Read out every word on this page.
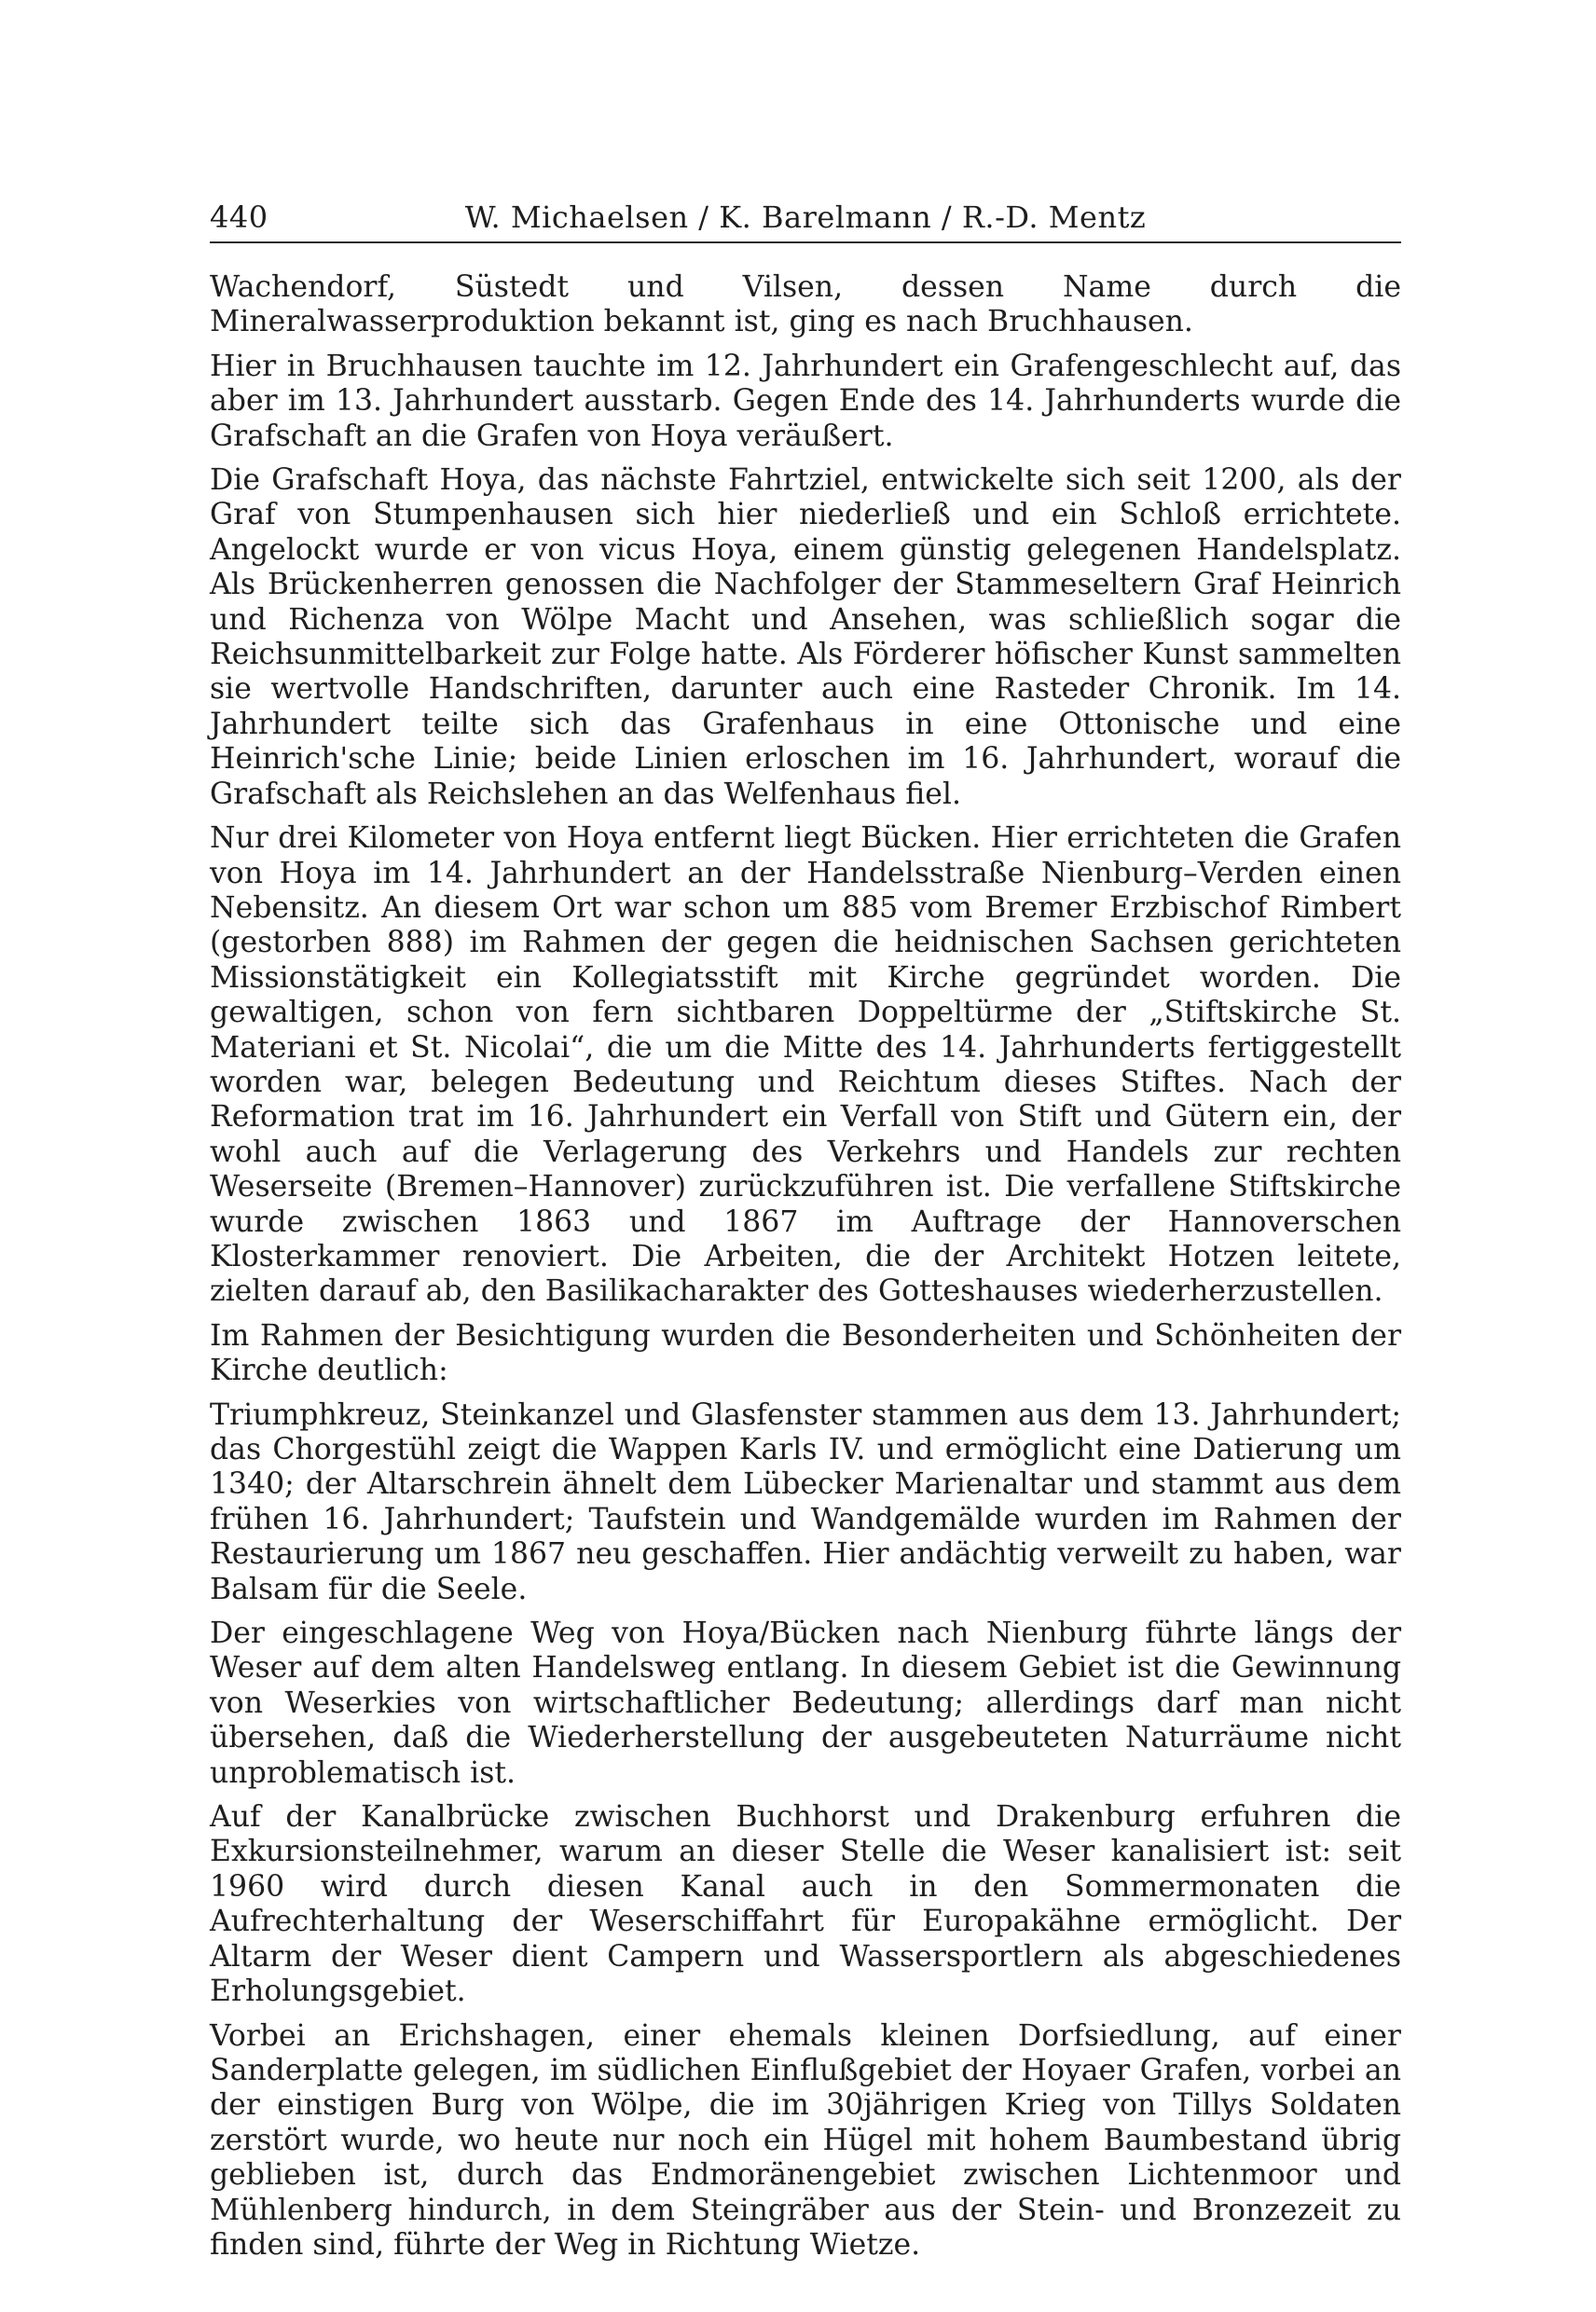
440	W. Michaelsen / K. Barelmann / R.-D. Mentz

Wachendorf, Süstedt und Vilsen, dessen Name durch die Mineralwasserproduktion bekannt ist, ging es nach Bruchhausen.

Hier in Bruchhausen tauchte im 12. Jahrhundert ein Grafengeschlecht auf, das aber im 13. Jahrhundert ausstarb. Gegen Ende des 14. Jahrhunderts wurde die Grafschaft an die Grafen von Hoya veräußert.

Die Grafschaft Hoya, das nächste Fahrtziel, entwickelte sich seit 1200, als der Graf von Stumpenhausen sich hier niederließ und ein Schloß errichtete. Angelockt wurde er von vicus Hoya, einem günstig gelegenen Handelsplatz. Als Brückenherren genossen die Nachfolger der Stammeseltern Graf Heinrich und Richenza von Wölpe Macht und Ansehen, was schließlich sogar die Reichsunmittelbarkeit zur Folge hatte. Als Förderer höfischer Kunst sammelten sie wertvolle Handschriften, darunter auch eine Rasteder Chronik. Im 14. Jahrhundert teilte sich das Grafenhaus in eine Ottonische und eine Heinrich'sche Linie; beide Linien erloschen im 16. Jahrhundert, worauf die Grafschaft als Reichslehen an das Welfenhaus fiel.

Nur drei Kilometer von Hoya entfernt liegt Bücken. Hier errichteten die Grafen von Hoya im 14. Jahrhundert an der Handelsstraße Nienburg–Verden einen Nebensitz. An diesem Ort war schon um 885 vom Bremer Erzbischof Rimbert (gestorben 888) im Rahmen der gegen die heidnischen Sachsen gerichteten Missionstätigkeit ein Kollegiatsstift mit Kirche gegründet worden. Die gewaltigen, schon von fern sichtbaren Doppeltürme der „Stiftskirche St. Materiani et St. Nicolai“, die um die Mitte des 14. Jahrhunderts fertiggestellt worden war, belegen Bedeutung und Reichtum dieses Stiftes. Nach der Reformation trat im 16. Jahrhundert ein Verfall von Stift und Gütern ein, der wohl auch auf die Verlagerung des Verkehrs und Handels zur rechten Weserseite (Bremen–Hannover) zurückzuführen ist. Die verfallene Stiftskirche wurde zwischen 1863 und 1867 im Auftrage der Hannoverschen Klosterkammer renoviert. Die Arbeiten, die der Architekt Hotzen leitete, zielten darauf ab, den Basilikacharakter des Gotteshauses wiederherzustellen.

Im Rahmen der Besichtigung wurden die Besonderheiten und Schönheiten der Kirche deutlich:

Triumphkreuz, Steinkanzel und Glasfenster stammen aus dem 13. Jahrhundert; das Chorgestühl zeigt die Wappen Karls IV. und ermöglicht eine Datierung um 1340; der Altarschrein ähnelt dem Lübecker Marienaltar und stammt aus dem frühen 16. Jahrhundert; Taufstein und Wandgemälde wurden im Rahmen der Restaurierung um 1867 neu geschaffen. Hier andächtig verweilt zu haben, war Balsam für die Seele.

Der eingeschlagene Weg von Hoya/Bücken nach Nienburg führte längs der Weser auf dem alten Handelsweg entlang. In diesem Gebiet ist die Gewinnung von Weserkies von wirtschaftlicher Bedeutung; allerdings darf man nicht übersehen, daß die Wiederherstellung der ausgebeuteten Naturräume nicht unproblematisch ist.

Auf der Kanalbrücke zwischen Buchhorst und Drakenburg erfuhren die Exkursionsteilnehmer, warum an dieser Stelle die Weser kanalisiert ist: seit 1960 wird durch diesen Kanal auch in den Sommermonaten die Aufrechterhaltung der Weserschiffahrt für Europakähne ermöglicht. Der Altarm der Weser dient Campern und Wassersportlern als abgeschiedenes Erholungsgebiet.

Vorbei an Erichshagen, einer ehemals kleinen Dorfsiedlung, auf einer Sanderplatte gelegen, im südlichen Einflußgebiet der Hoyaer Grafen, vorbei an der einstigen Burg von Wölpe, die im 30jährigen Krieg von Tillys Soldaten zerstört wurde, wo heute nur noch ein Hügel mit hohem Baumbestand übrig geblieben ist, durch das Endmoränengebiet zwischen Lichtenmoor und Mühlenberg hindurch, in dem Steingräber aus der Stein- und Bronzezeit zu finden sind, führte der Weg in Richtung Wietze.
